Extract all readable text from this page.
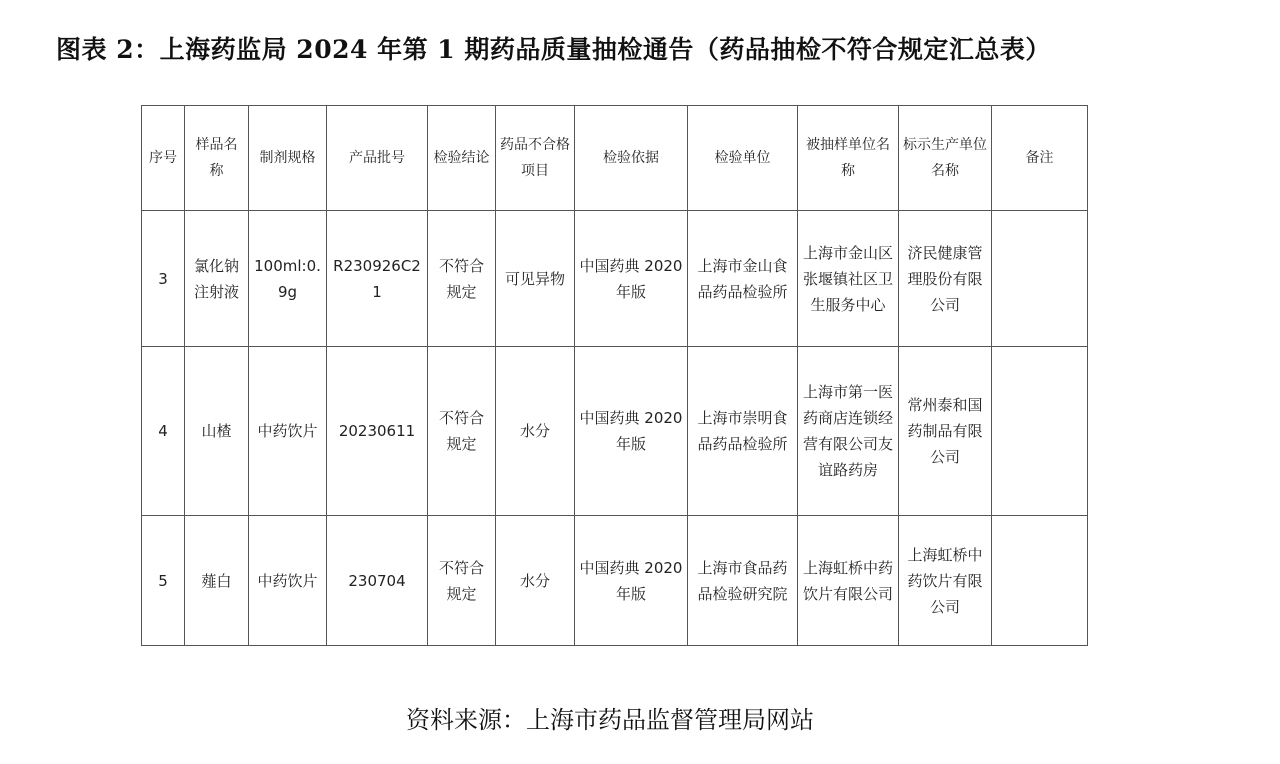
图表 2：上海药监局 2024 年第 1 期药品质量抽检通告（药品抽检不符合规定汇总表）
序号	样品名称	制剂规格	产品批号	检验结论	药品不合格项目	检验依据	检验单位	被抽样单位名称	标示生产单位名称	备注
3	氯化钠注射液	100ml:0.9g	R230926C21	不符合规定	可见异物	中国药典 2020 年版	上海市金山食品药品检验所	上海市金山区张堰镇社区卫生服务中心	济民健康管理股份有限公司	
4	山楂	中药饮片	20230611	不符合规定	水分	中国药典 2020 年版	上海市崇明食品药品检验所	上海市第一医药商店连锁经营有限公司友谊路药房	常州泰和国药制品有限公司	
5	薤白	中药饮片	230704	不符合规定	水分	中国药典 2020 年版	上海市食品药品检验研究院	上海虹桥中药饮片有限公司	上海虹桥中药饮片有限公司	
资料来源：上海市药品监督管理局网站
